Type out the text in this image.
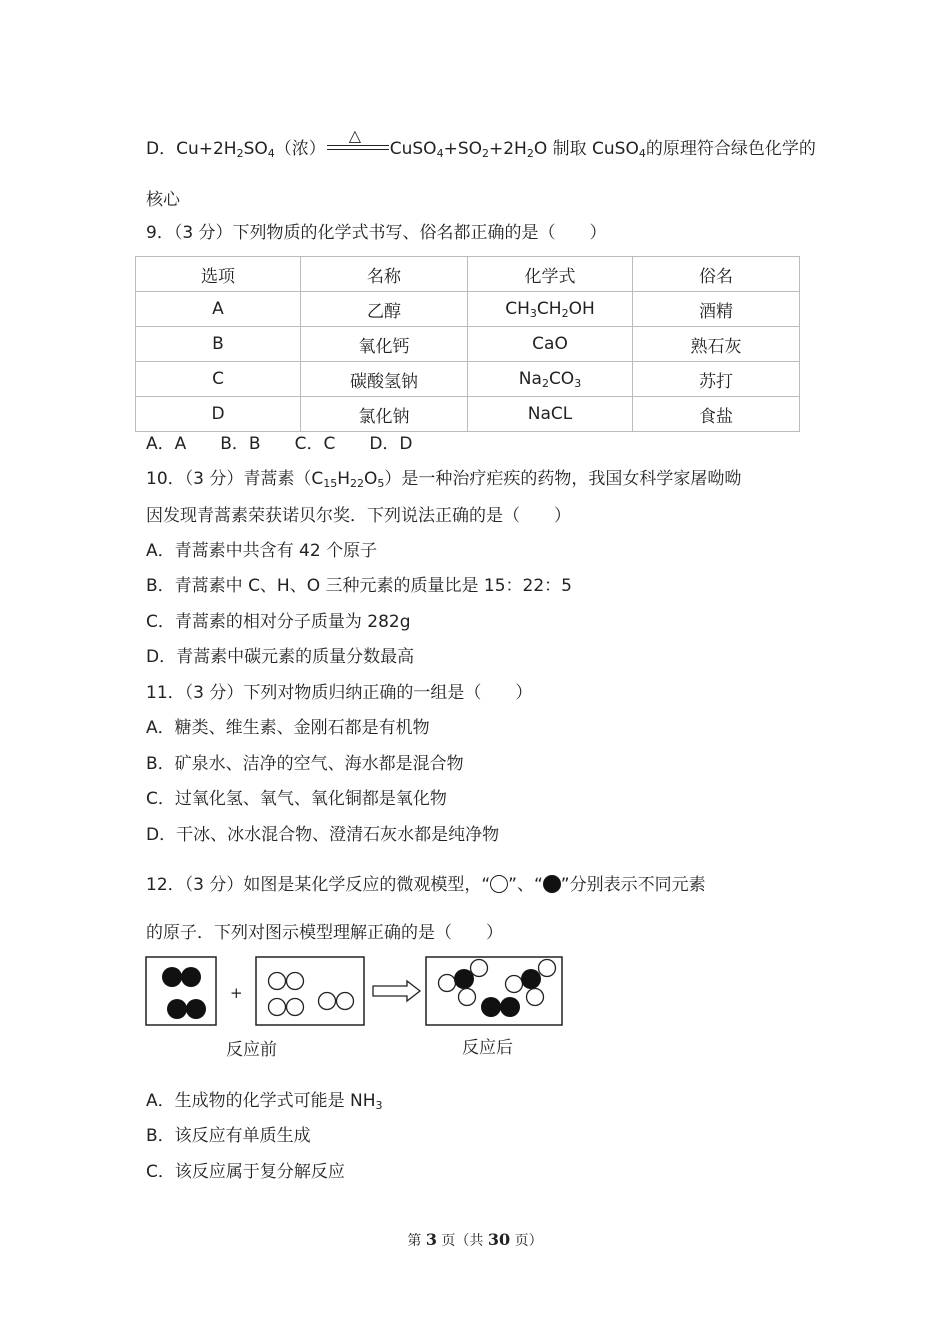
D．$Cu+2H_2SO_4$（浓）
△
$CuSO_4+SO_2+2H_2O$ 制取 CuSO$_4$的原理符合绿色化学的
核心
9．（3 分）下列物质的化学式书写、俗名都正确的是（　　）
选项	名称	化学式	俗名
A	乙醇	$CH_3CH_2OH$	酒精
B	氧化钙	CaO	熟石灰
C	碳酸氢钠	$Na_2CO_3$	苏打
D	氯化钠	NaCL	食盐
A．A　　B．B　　C．C　　D．D
10．（3 分）青蒿素$(C_{15}H_{22}O_5)$是一种治疗疟疾的药物，我国女科学家屠呦呦
因发现青蒿素荣获诺贝尔奖．下列说法正确的是（　　）
A．青蒿素中共含有 42 个原子
B．青蒿素中 C、H、O 三种元素的质量比是 15：22：5
C．青蒿素的相对分子质量为 282g
D．青蒿素中碳元素的质量分数最高
11．（3 分）下列对物质归纳正确的一组是（　　）
A．糖类、维生素、金刚石都是有机物
B．矿泉水、洁净的空气、海水都是混合物
C．过氧化氢、氧气、氧化铜都是氧化物
D．干冰、冰水混合物、澄清石灰水都是纯净物
12．（3 分）如图是某化学反应的微观模型，“ ”、“ ”分别表示不同元素
的原子．下列对图示模型理解正确的是（　　）
+
反应前	反应后
A．生成物的化学式可能是 $NH_3$
B．该反应有单质生成
C．该反应属于复分解反应
第 3 页（共 30 页）
